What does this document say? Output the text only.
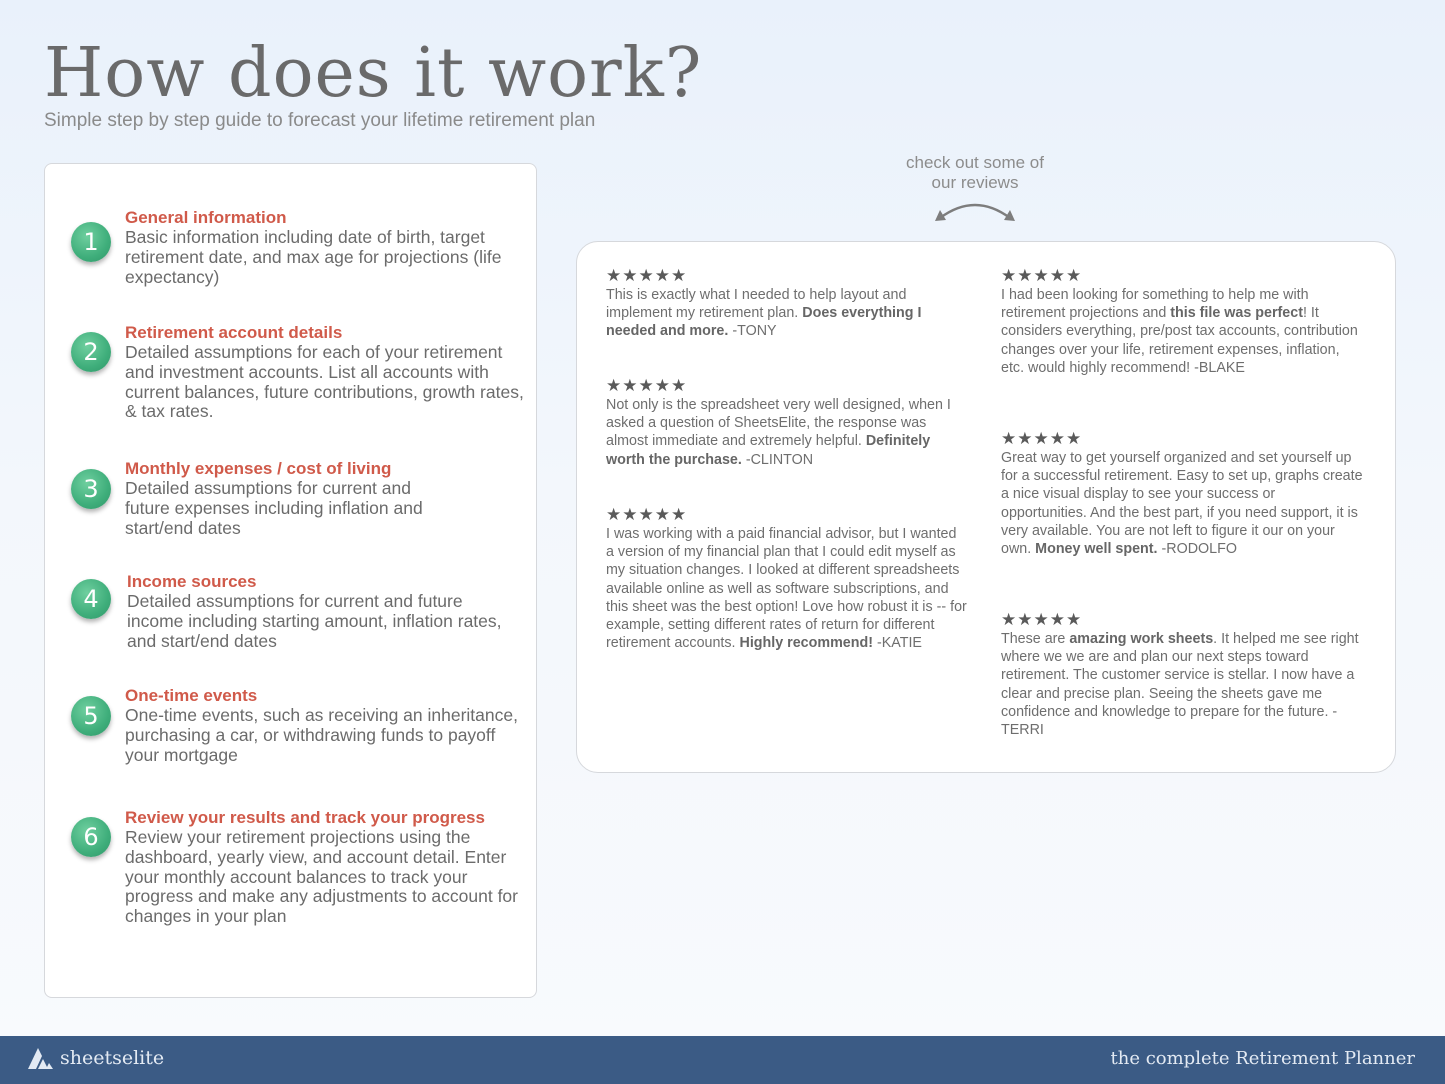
How does it work?
Simple step by step guide to forecast your lifetime retirement plan
1
General information
Basic information including date of birth, target retirement date, and max age for projections (life expectancy)
2
Retirement account details
Detailed assumptions for each of your retirement and investment accounts. List all accounts with current balances, future contributions, growth rates, & tax rates.
3
Monthly expenses / cost of living
Detailed assumptions for current and future expenses including inflation and start/end dates
4
Income sources
Detailed assumptions for current and future income including starting amount, inflation rates, and start/end dates
5
One-time events
One-time events, such as receiving an inheritance, purchasing a car, or withdrawing funds to payoff your mortgage
6
Review your results and track your progress
Review your retirement projections using the dashboard, yearly view, and account detail. Enter your monthly account balances to track your progress and make any adjustments to account for changes in your plan
check out some of
our reviews
★★★★★
This is exactly what I needed to help layout and implement my retirement plan. Does everything I needed and more. -TONY
★★★★★
Not only is the spreadsheet very well designed, when I asked a question of SheetsElite, the response was almost immediate and extremely helpful. Definitely worth the purchase. -CLINTON
★★★★★
I was working with a paid financial advisor, but I wanted a version of my financial plan that I could edit myself as my situation changes. I looked at different spreadsheets available online as well as software subscriptions, and this sheet was the best option! Love how robust it is -- for example, setting different rates of return for different retirement accounts. Highly recommend! -KATIE
★★★★★
I had been looking for something to help me with retirement projections and this file was perfect! It considers everything, pre/post tax accounts, contribution changes over your life, retirement expenses, inflation, etc. would highly recommend! -BLAKE
★★★★★
Great way to get yourself organized and set yourself up for a successful retirement. Easy to set up, graphs create a nice visual display to see your success or opportunities. And the best part, if you need support, it is very available. You are not left to figure it our on your own. Money well spent. -RODOLFO
★★★★★
These are amazing work sheets. It helped me see right where we we are and plan our next steps toward retirement. The customer service is stellar. I now have a clear and precise plan. Seeing the sheets gave me confidence and knowledge to prepare for the future. -TERRI
sheetselite	the complete Retirement Planner
